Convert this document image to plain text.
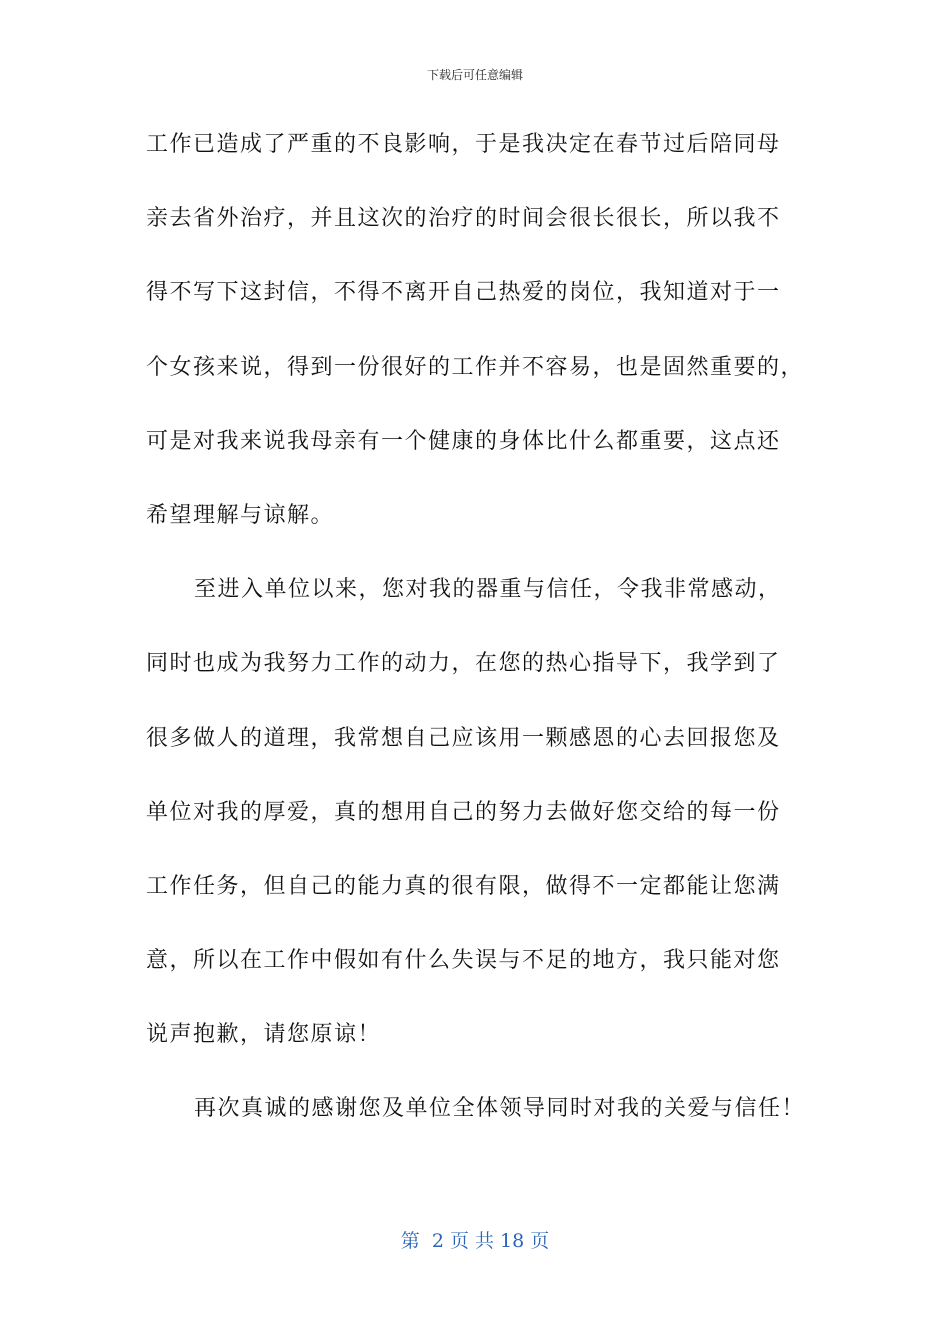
下载后可任意编辑
工作已造成了严重的不良影响，于是我决定在春节过后陪同母
亲去省外治疗，并且这次的治疗的时间会很长很长，所以我不
得不写下这封信，不得不离开自己热爱的岗位，我知道对于一
个女孩来说，得到一份很好的工作并不容易，也是固然重要的，
可是对我来说我母亲有一个健康的身体比什么都重要，这点还
希望理解与谅解。
至进入单位以来，您对我的器重与信任，令我非常感动，
同时也成为我努力工作的动力，在您的热心指导下，我学到了
很多做人的道理，我常想自己应该用一颗感恩的心去回报您及
单位对我的厚爱，真的想用自己的努力去做好您交给的每一份
工作任务，但自己的能力真的很有限，做得不一定都能让您满
意，所以在工作中假如有什么失误与不足的地方，我只能对您
说声抱歉，请您原谅！
再次真诚的感谢您及单位全体领导同时对我的关爱与信任！
第  2 页 共 18 页
